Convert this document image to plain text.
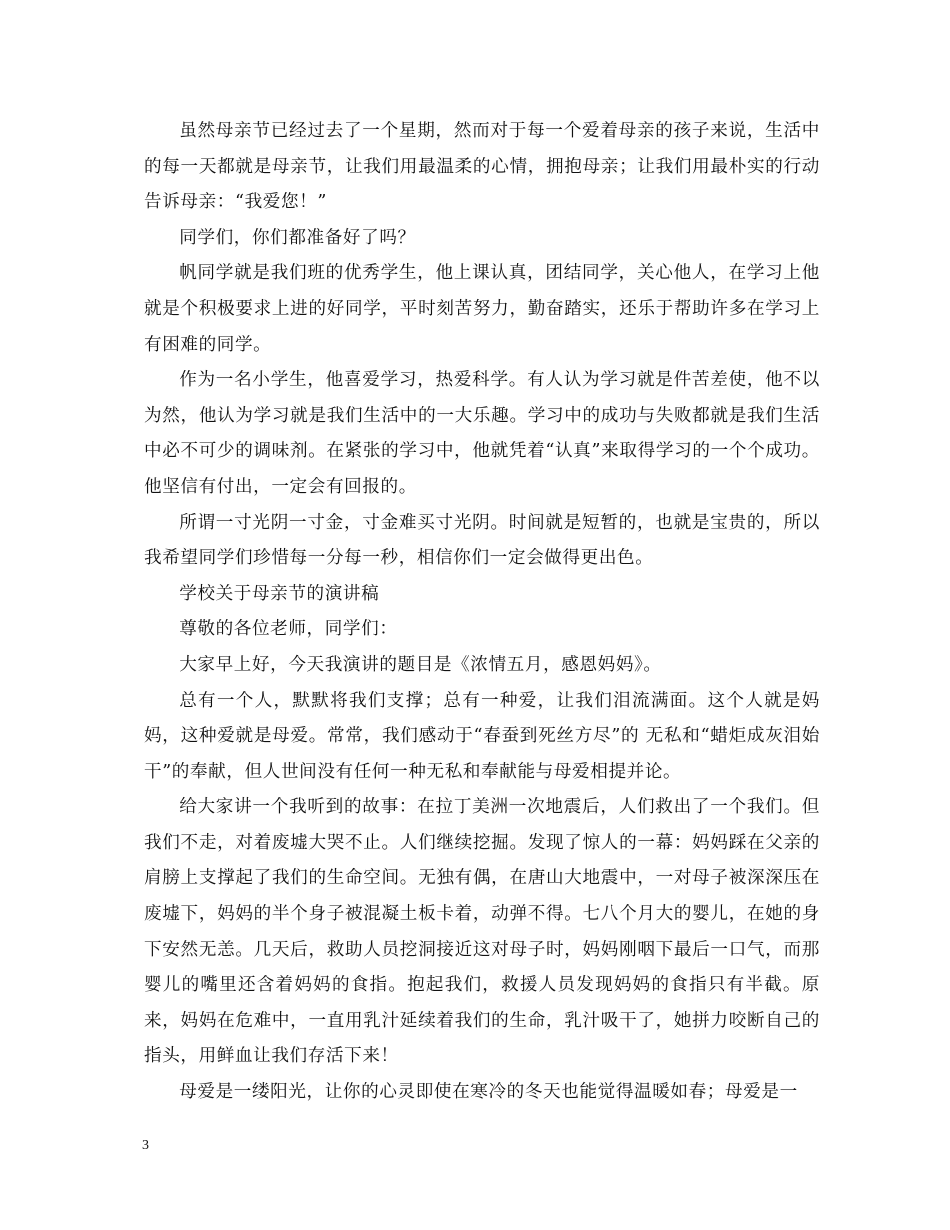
虽然母亲节已经过去了一个星期，然而对于每一个爱着母亲的孩子来说，生活中的每一天都就是母亲节，让我们用最温柔的心情，拥抱母亲；让我们用最朴实的行动告诉母亲：“我爱您！”

同学们，你们都准备好了吗？

帆同学就是我们班的优秀学生，他上课认真，团结同学，关心他人，在学习上他就是个积极要求上进的好同学，平时刻苦努力，勤奋踏实，还乐于帮助许多在学习上有困难的同学。

作为一名小学生，他喜爱学习，热爱科学。有人认为学习就是件苦差使，他不以为然，他认为学习就是我们生活中的一大乐趣。学习中的成功与失败都就是我们生活中必不可少的调味剂。在紧张的学习中，他就凭着“认真”来取得学习的一个个成功。他坚信有付出，一定会有回报的。

所谓一寸光阴一寸金，寸金难买寸光阴。时间就是短暂的，也就是宝贵的，所以我希望同学们珍惜每一分每一秒，相信你们一定会做得更出色。

学校关于母亲节的演讲稿

尊敬的各位老师，同学们：

大家早上好，今天我演讲的题目是《浓情五月，感恩妈妈》。

总有一个人，默默将我们支撑；总有一种爱，让我们泪流满面。这个人就是妈妈，这种爱就是母爱。常常，我们感动于“春蚕到死丝方尽”的 无私和“蜡炬成灰泪始干”的奉献，但人世间没有任何一种无私和奉献能与母爱相提并论。

给大家讲一个我听到的故事：在拉丁美洲一次地震后，人们救出了一个我们。但我们不走，对着废墟大哭不止。人们继续挖掘。发现了惊人的一幕：妈妈踩在父亲的肩膀上支撑起了我们的生命空间。无独有偶，在唐山大地震中，一对母子被深深压在废墟下，妈妈的半个身子被混凝土板卡着，动弹不得。七八个月大的婴儿，在她的身下安然无恙。几天后，救助人员挖洞接近这对母子时，妈妈刚咽下最后一口气，而那婴儿的嘴里还含着妈妈的食指。抱起我们，救援人员发现妈妈的食指只有半截。原来，妈妈在危难中，一直用乳汁延续着我们的生命，乳汁吸干了，她拼力咬断自己的指头，用鲜血让我们存活下来！

母爱是一缕阳光，让你的心灵即使在寒冷的冬天也能觉得温暖如春；母爱是一

3
